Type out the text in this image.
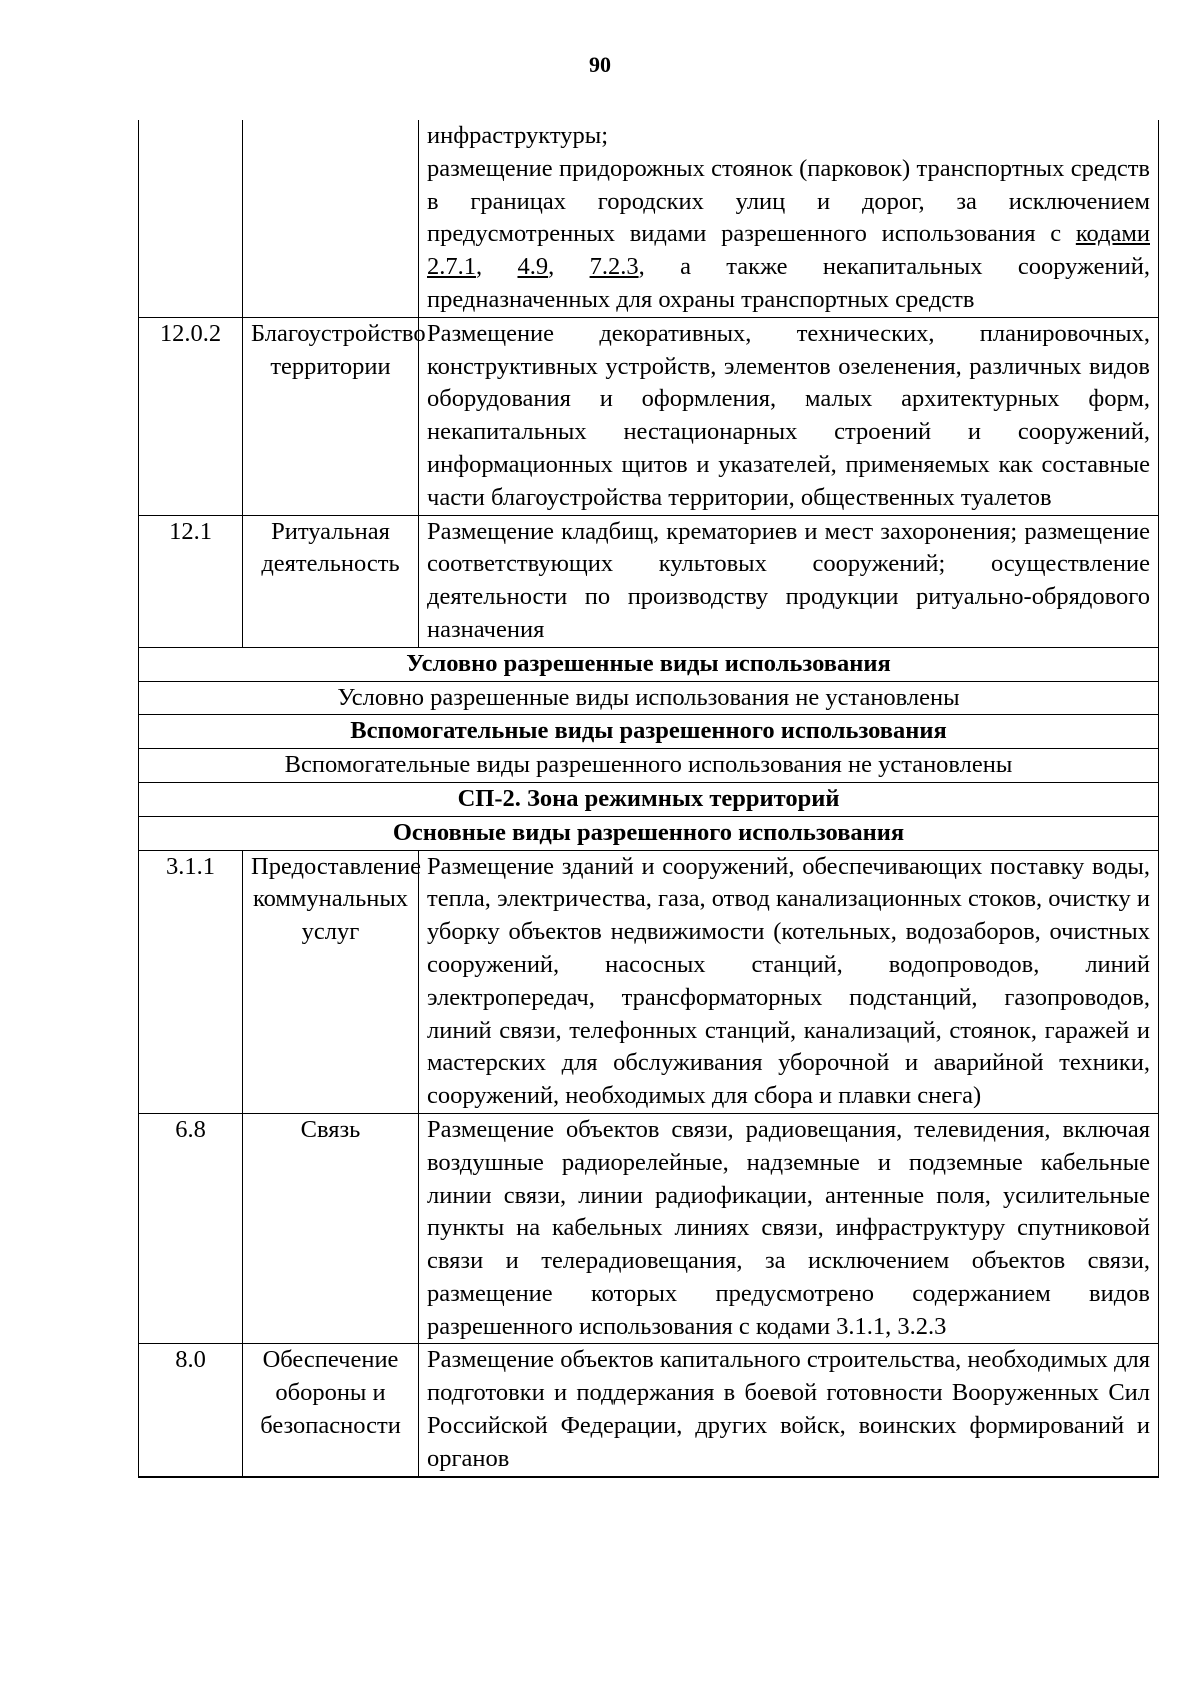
90

		инфраструктуры;
размещение придорожных стоянок (парковок) транспортных средств в границах городских улиц и дорог, за исключением предусмотренных видами разрешенного использования с кодами 2.7.1, 4.9, 7.2.3, а также некапитальных сооружений, предназначенных для охраны транспортных средств
12.0.2	Благоустройство территории	Размещение декоративных, технических, планировочных, конструктивных устройств, элементов озеленения, различных видов оборудования и оформления, малых архитектурных форм, некапитальных нестационарных строений и сооружений, информационных щитов и указателей, применяемых как составные части благоустройства территории, общественных туалетов
12.1	Ритуальная деятельность	Размещение кладбищ, крематориев и мест захоронения; размещение соответствующих культовых сооружений; осуществление деятельности по производству продукции ритуально-обрядового назначения
Условно разрешенные виды использования		
Условно разрешенные виды использования не установлены		
Вспомогательные виды разрешенного использования		
Вспомогательные виды разрешенного использования не установлены		
СП-2. Зона режимных территорий		
Основные виды разрешенного использования		
3.1.1	Предоставление коммунальных услуг	Размещение зданий и сооружений, обеспечивающих поставку воды, тепла, электричества, газа, отвод канализационных стоков, очистку и уборку объектов недвижимости (котельных, водозаборов, очистных сооружений, насосных станций, водопроводов, линий электропередач, трансформаторных подстанций, газопроводов, линий связи, телефонных станций, канализаций, стоянок, гаражей и мастерских для обслуживания уборочной и аварийной техники, сооружений, необходимых для сбора и плавки снега)
6.8	Связь	Размещение объектов связи, радиовещания, телевидения, включая воздушные радиорелейные, надземные и подземные кабельные линии связи, линии радиофикации, антенные поля, усилительные пункты на кабельных линиях связи, инфраструктуру спутниковой связи и телерадиовещания, за исключением объектов связи, размещение которых предусмотрено содержанием видов разрешенного использования с кодами 3.1.1, 3.2.3
8.0	Обеспечение обороны и безопасности	Размещение объектов капитального строительства, необходимых для подготовки и поддержания в боевой готовности Вооруженных Сил Российской Федерации, других войск, воинских формирований и органов
